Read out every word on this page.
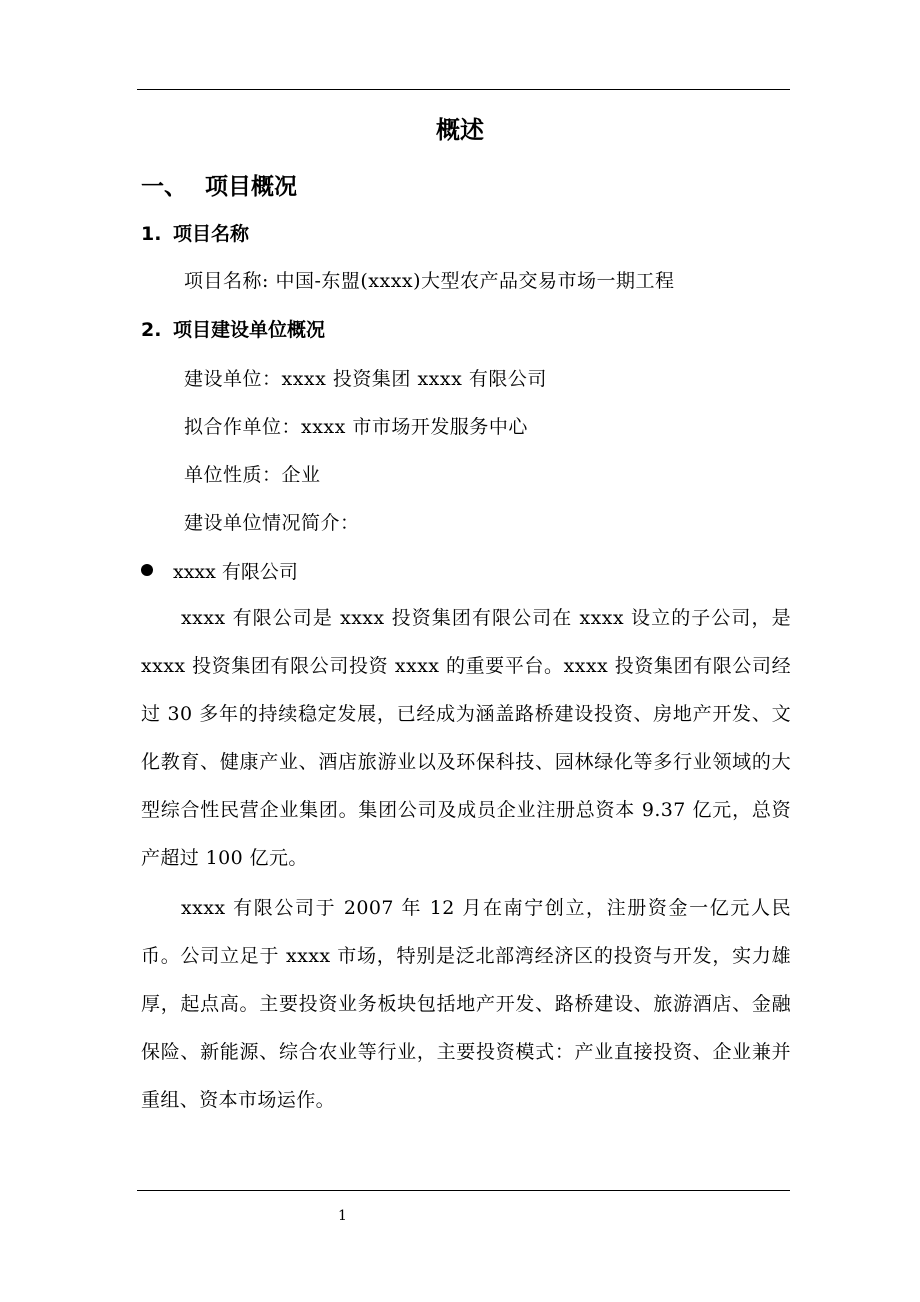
概述
一、 项目概况
1. 项目名称
项目名称: 中国-东盟(xxxx)大型农产品交易市场一期工程
2. 项目建设单位概况
建设单位：xxxx 投资集团 xxxx 有限公司
拟合作单位：xxxx 市市场开发服务中心
单位性质：企业
建设单位情况简介：
xxxx 有限公司
xxxx 有限公司是 xxxx 投资集团有限公司在 xxxx 设立的子公司，是 xxxx 投资集团有限公司投资 xxxx 的重要平台。xxxx 投资集团有限公司经过 30 多年的持续稳定发展，已经成为涵盖路桥建设投资、房地产开发、文化教育、健康产业、酒店旅游业以及环保科技、园林绿化等多行业领域的大型综合性民营企业集团。集团公司及成员企业注册总资本 9.37 亿元，总资产超过 100 亿元。
xxxx 有限公司于 2007 年 12 月在南宁创立，注册资金一亿元人民币。公司立足于 xxxx 市场，特别是泛北部湾经济区的投资与开发，实力雄厚，起点高。主要投资业务板块包括地产开发、路桥建设、旅游酒店、金融保险、新能源、综合农业等行业，主要投资模式：产业直接投资、企业兼并重组、资本市场运作。
1
